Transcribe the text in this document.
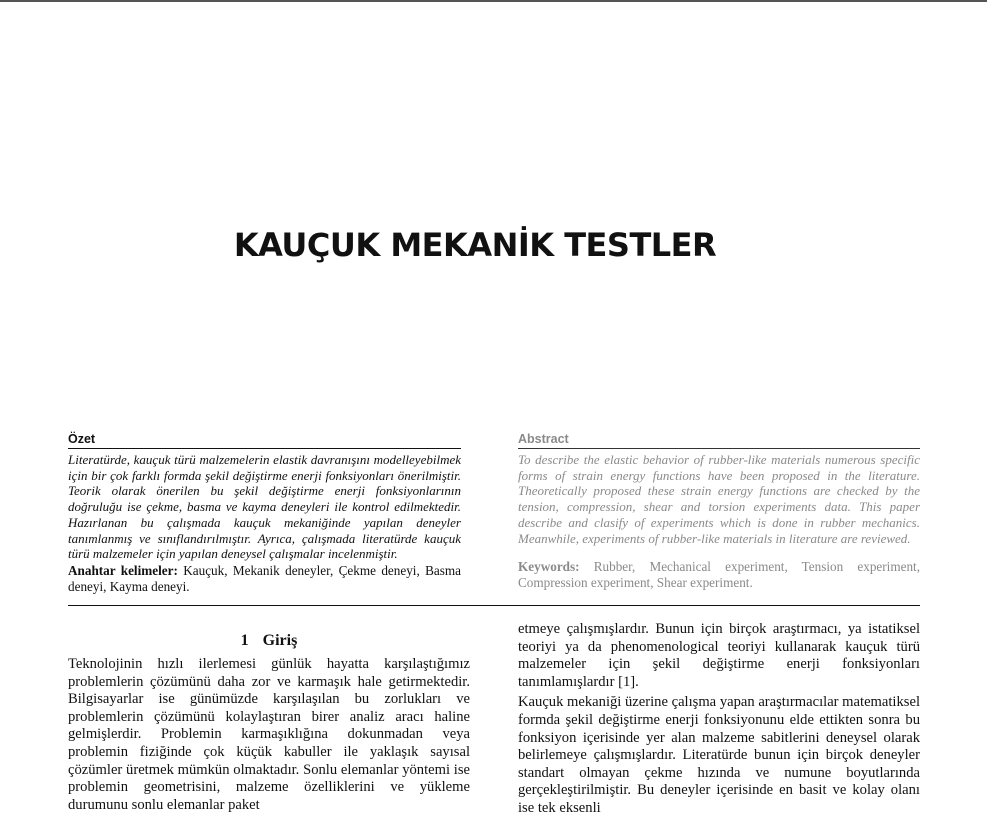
KAUÇUK MEKANİK TESTLER
Özet
Literatürde, kauçuk türü malzemelerin elastik davranışını modelleyebilmek için bir çok farklı formda şekil değiştirme enerji fonksiyonları önerilmiştir. Teorik olarak önerilen bu şekil değiştirme enerji fonksiyonlarının doğruluğu ise çekme, basma ve kayma deneyleri ile kontrol edilmektedir. Hazırlanan bu çalışmada kauçuk mekaniğinde yapılan deneyler tanımlanmış ve sınıflandırılmıştır. Ayrıca, çalışmada literatürde kauçuk türü malzemeler için yapılan deneysel çalışmalar incelenmiştir.
Anahtar kelimeler: Kauçuk, Mekanik deneyler, Çekme deneyi, Basma deneyi, Kayma deneyi.
Abstract
To describe the elastic behavior of rubber-like materials numerous specific forms of strain energy functions have been proposed in the literature. Theoretically proposed these strain energy functions are checked by the tension, compression, shear and torsion experiments data. This paper describe and clasify of experiments which is done in rubber mechanics. Meanwhile, experiments of rubber-like materials in literature are reviewed.
Keywords: Rubber, Mechanical experiment, Tension experiment, Compression experiment, Shear experiment.
1 Giriş

Teknolojinin hızlı ilerlemesi günlük hayatta karşılaştığımız problemlerin çözümünü daha zor ve karmaşık hale getirmektedir. Bilgisayarlar ise günümüzde karşılaşılan bu zorlukları ve problemlerin çözümünü kolaylaştıran birer analiz aracı haline gelmişlerdir. Problemin karmaşıklığına dokunmadan veya problemin fiziğinde çok küçük kabuller ile yaklaşık sayısal çözümler üretmek mümkün olmaktadır. Sonlu elemanlar yöntemi ise problemin geometrisini, malzeme özelliklerini ve yükleme durumunu sonlu elemanlar paket

etmeye çalışmışlardır. Bunun için birçok araştırmacı, ya istatiksel teoriyi ya da phenomenological teoriyi kullanarak kauçuk türü malzemeler için şekil değiştirme enerji fonksiyonları tanımlamışlardır [1].

Kauçuk mekaniği üzerine çalışma yapan araştırmacılar matematiksel formda şekil değiştirme enerji fonksiyonunu elde ettikten sonra bu fonksiyon içerisinde yer alan malzeme sabitlerini deneysel olarak belirlemeye çalışmışlardır. Literatürde bunun için birçok deneyler standart olmayan çekme hızında ve numune boyutlarında gerçekleştirilmiştir. Bu deneyler içerisinde en basit ve kolay olanı ise tek eksenli
